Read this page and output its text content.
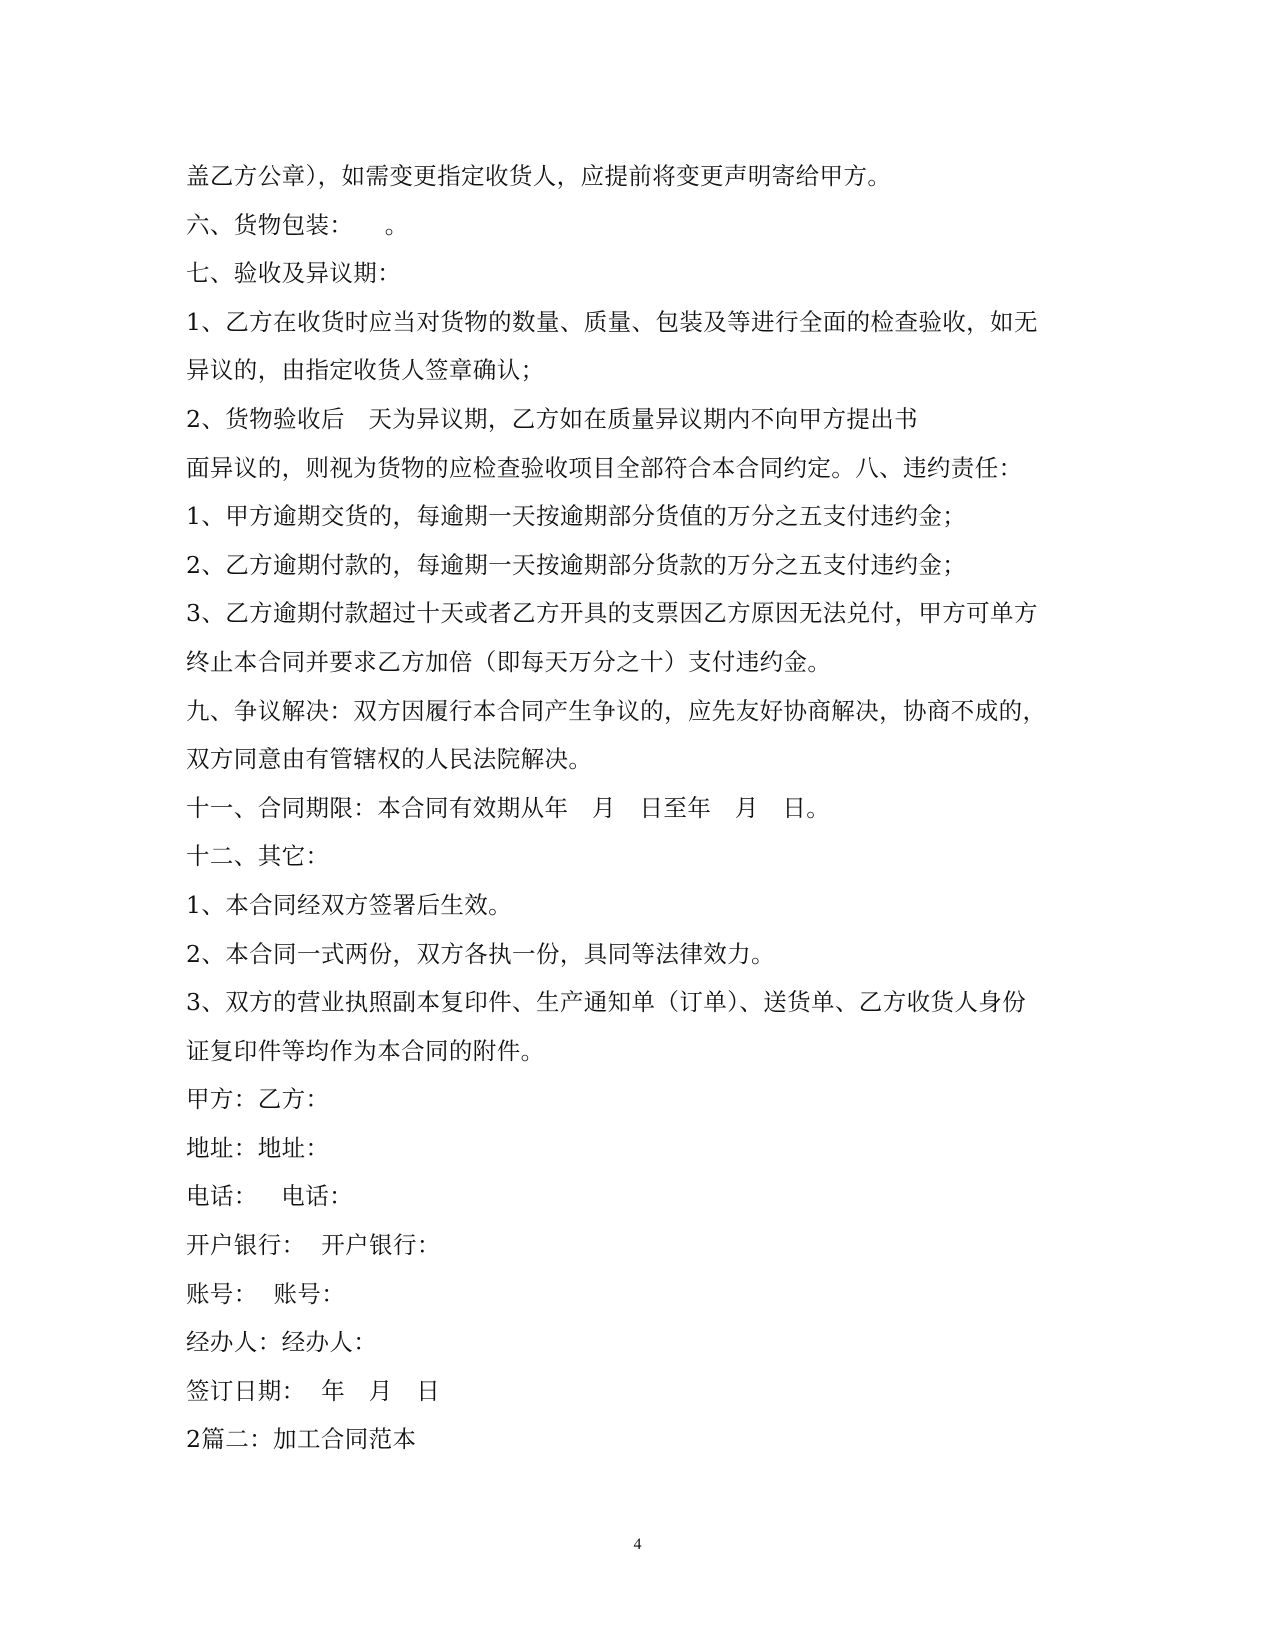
盖乙方公章），如需变更指定收货人，应提前将变更声明寄给甲方。
六、货物包装：    。
七、验收及异议期：
1、乙方在收货时应当对货物的数量、质量、包装及等进行全面的检查验收，如无
异议的，由指定收货人签章确认；
2、货物验收后   天为异议期，乙方如在质量异议期内不向甲方提出书
面异议的，则视为货物的应检查验收项目全部符合本合同约定。八、违约责任：
1、甲方逾期交货的，每逾期一天按逾期部分货值的万分之五支付违约金；
2、乙方逾期付款的，每逾期一天按逾期部分货款的万分之五支付违约金；
3、乙方逾期付款超过十天或者乙方开具的支票因乙方原因无法兑付，甲方可单方
终止本合同并要求乙方加倍（即每天万分之十）支付违约金。
九、争议解决：双方因履行本合同产生争议的，应先友好协商解决，协商不成的，
双方同意由有管辖权的人民法院解决。
十一、合同期限：本合同有效期从年   月   日至年   月   日。
十二、其它：
1、本合同经双方签署后生效。
2、本合同一式两份，双方各执一份，具同等法律效力。
3、双方的营业执照副本复印件、生产通知单（订单）、送货单、乙方收货人身份
证复印件等均作为本合同的附件。
甲方：乙方：
地址：地址：
电话：   电话：
开户银行：  开户银行：
账号：  账号：
经办人：经办人：
签订日期：  年   月   日
2篇二：加工合同范本
4
